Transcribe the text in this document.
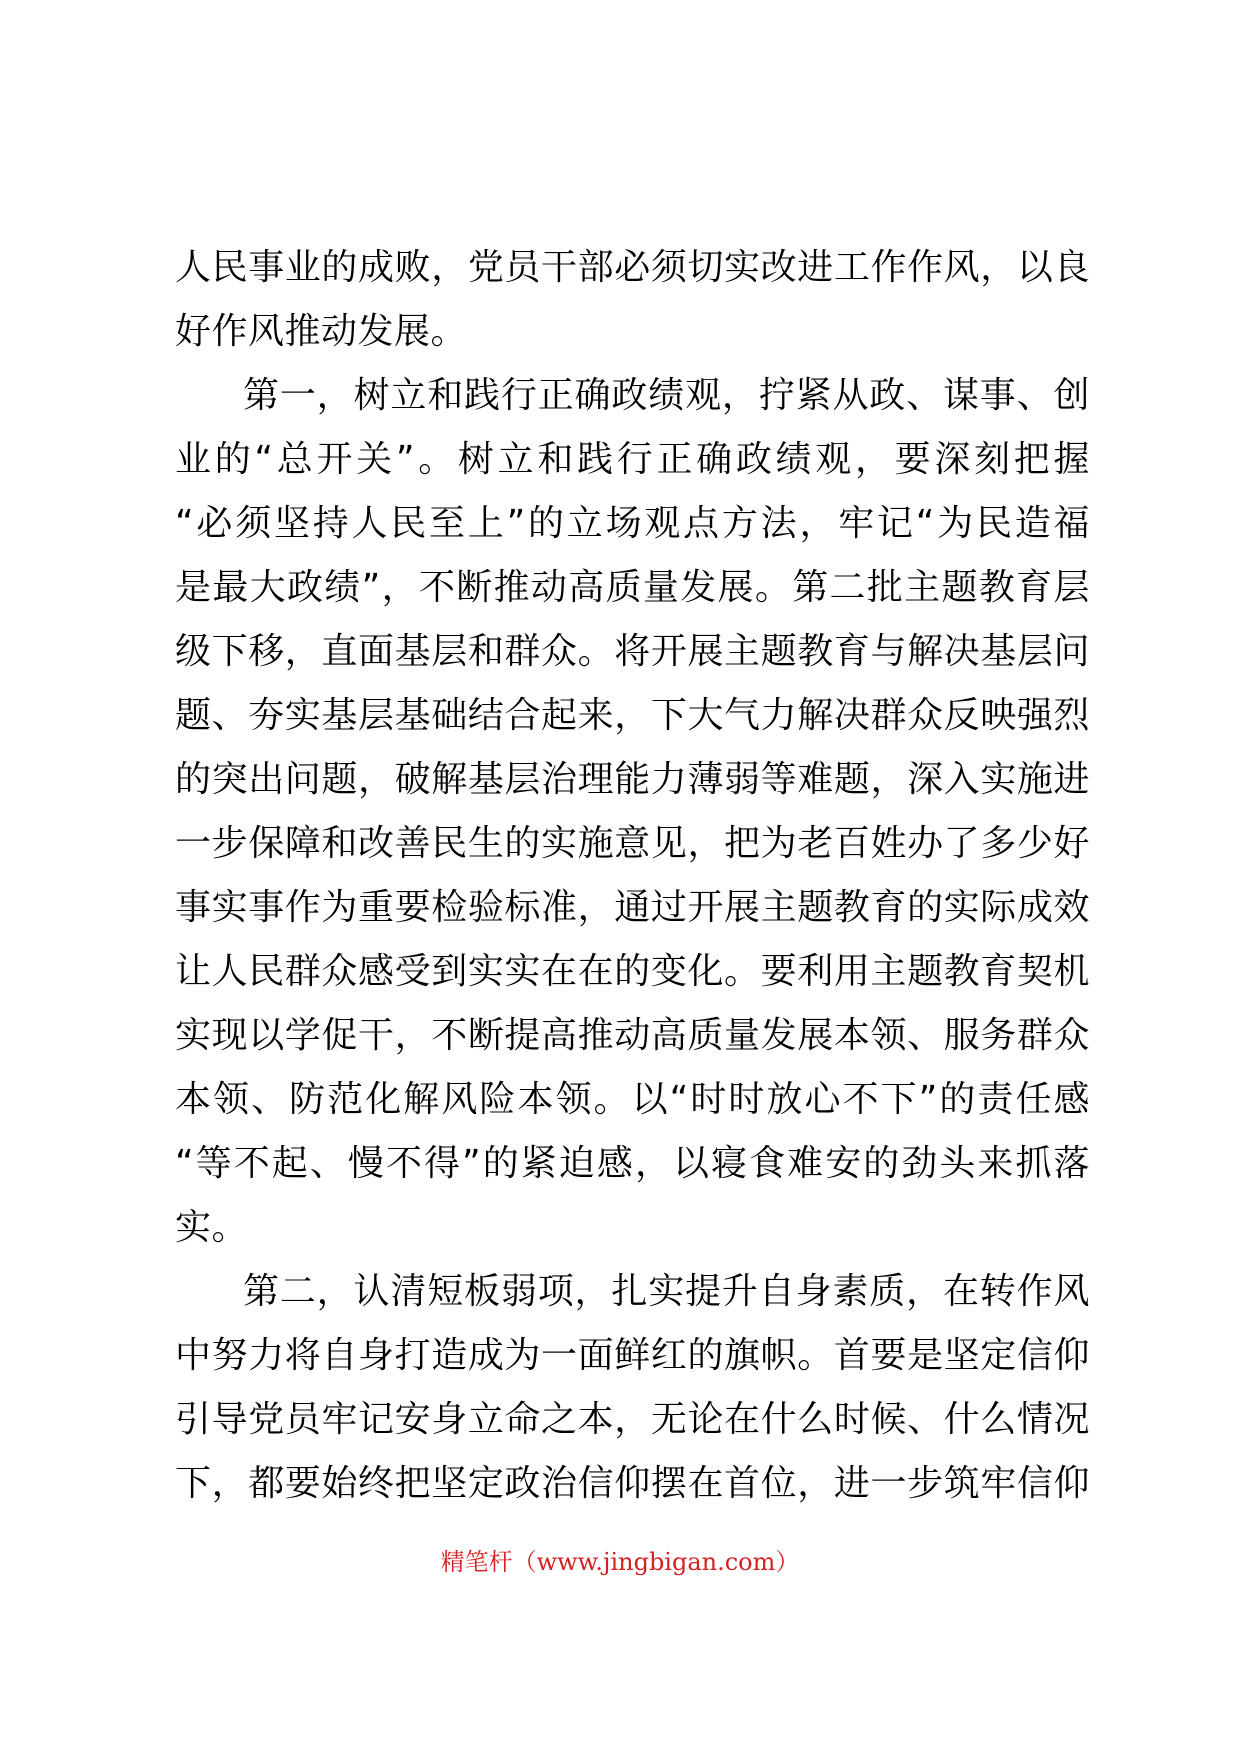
人民事业的成败，党员干部必须切实改进工作作风，以良

好作风推动发展。

第一，树立和践行正确政绩观，拧紧从政、谋事、创

业的“总开关”。树立和践行正确政绩观，要深刻把握

“必须坚持人民至上”的立场观点方法，牢记“为民造福

是最大政绩”，不断推动高质量发展。第二批主题教育层

级下移，直面基层和群众。将开展主题教育与解决基层问

题、夯实基层基础结合起来，下大气力解决群众反映强烈

的突出问题，破解基层治理能力薄弱等难题，深入实施进

一步保障和改善民生的实施意见，把为老百姓办了多少好

事实事作为重要检验标准，通过开展主题教育的实际成效

让人民群众感受到实实在在的变化。要利用主题教育契机

实现以学促干，不断提高推动高质量发展本领、服务群众

本领、防范化解风险本领。以“时时放心不下”的责任感

“等不起、慢不得”的紧迫感，以寝食难安的劲头来抓落

实。

第二，认清短板弱项，扎实提升自身素质，在转作风

中努力将自身打造成为一面鲜红的旗帜。首要是坚定信仰

引导党员牢记安身立命之本，无论在什么时候、什么情况

下，都要始终把坚定政治信仰摆在首位，进一步筑牢信仰

精笔杆（www.jingbigan.com）
